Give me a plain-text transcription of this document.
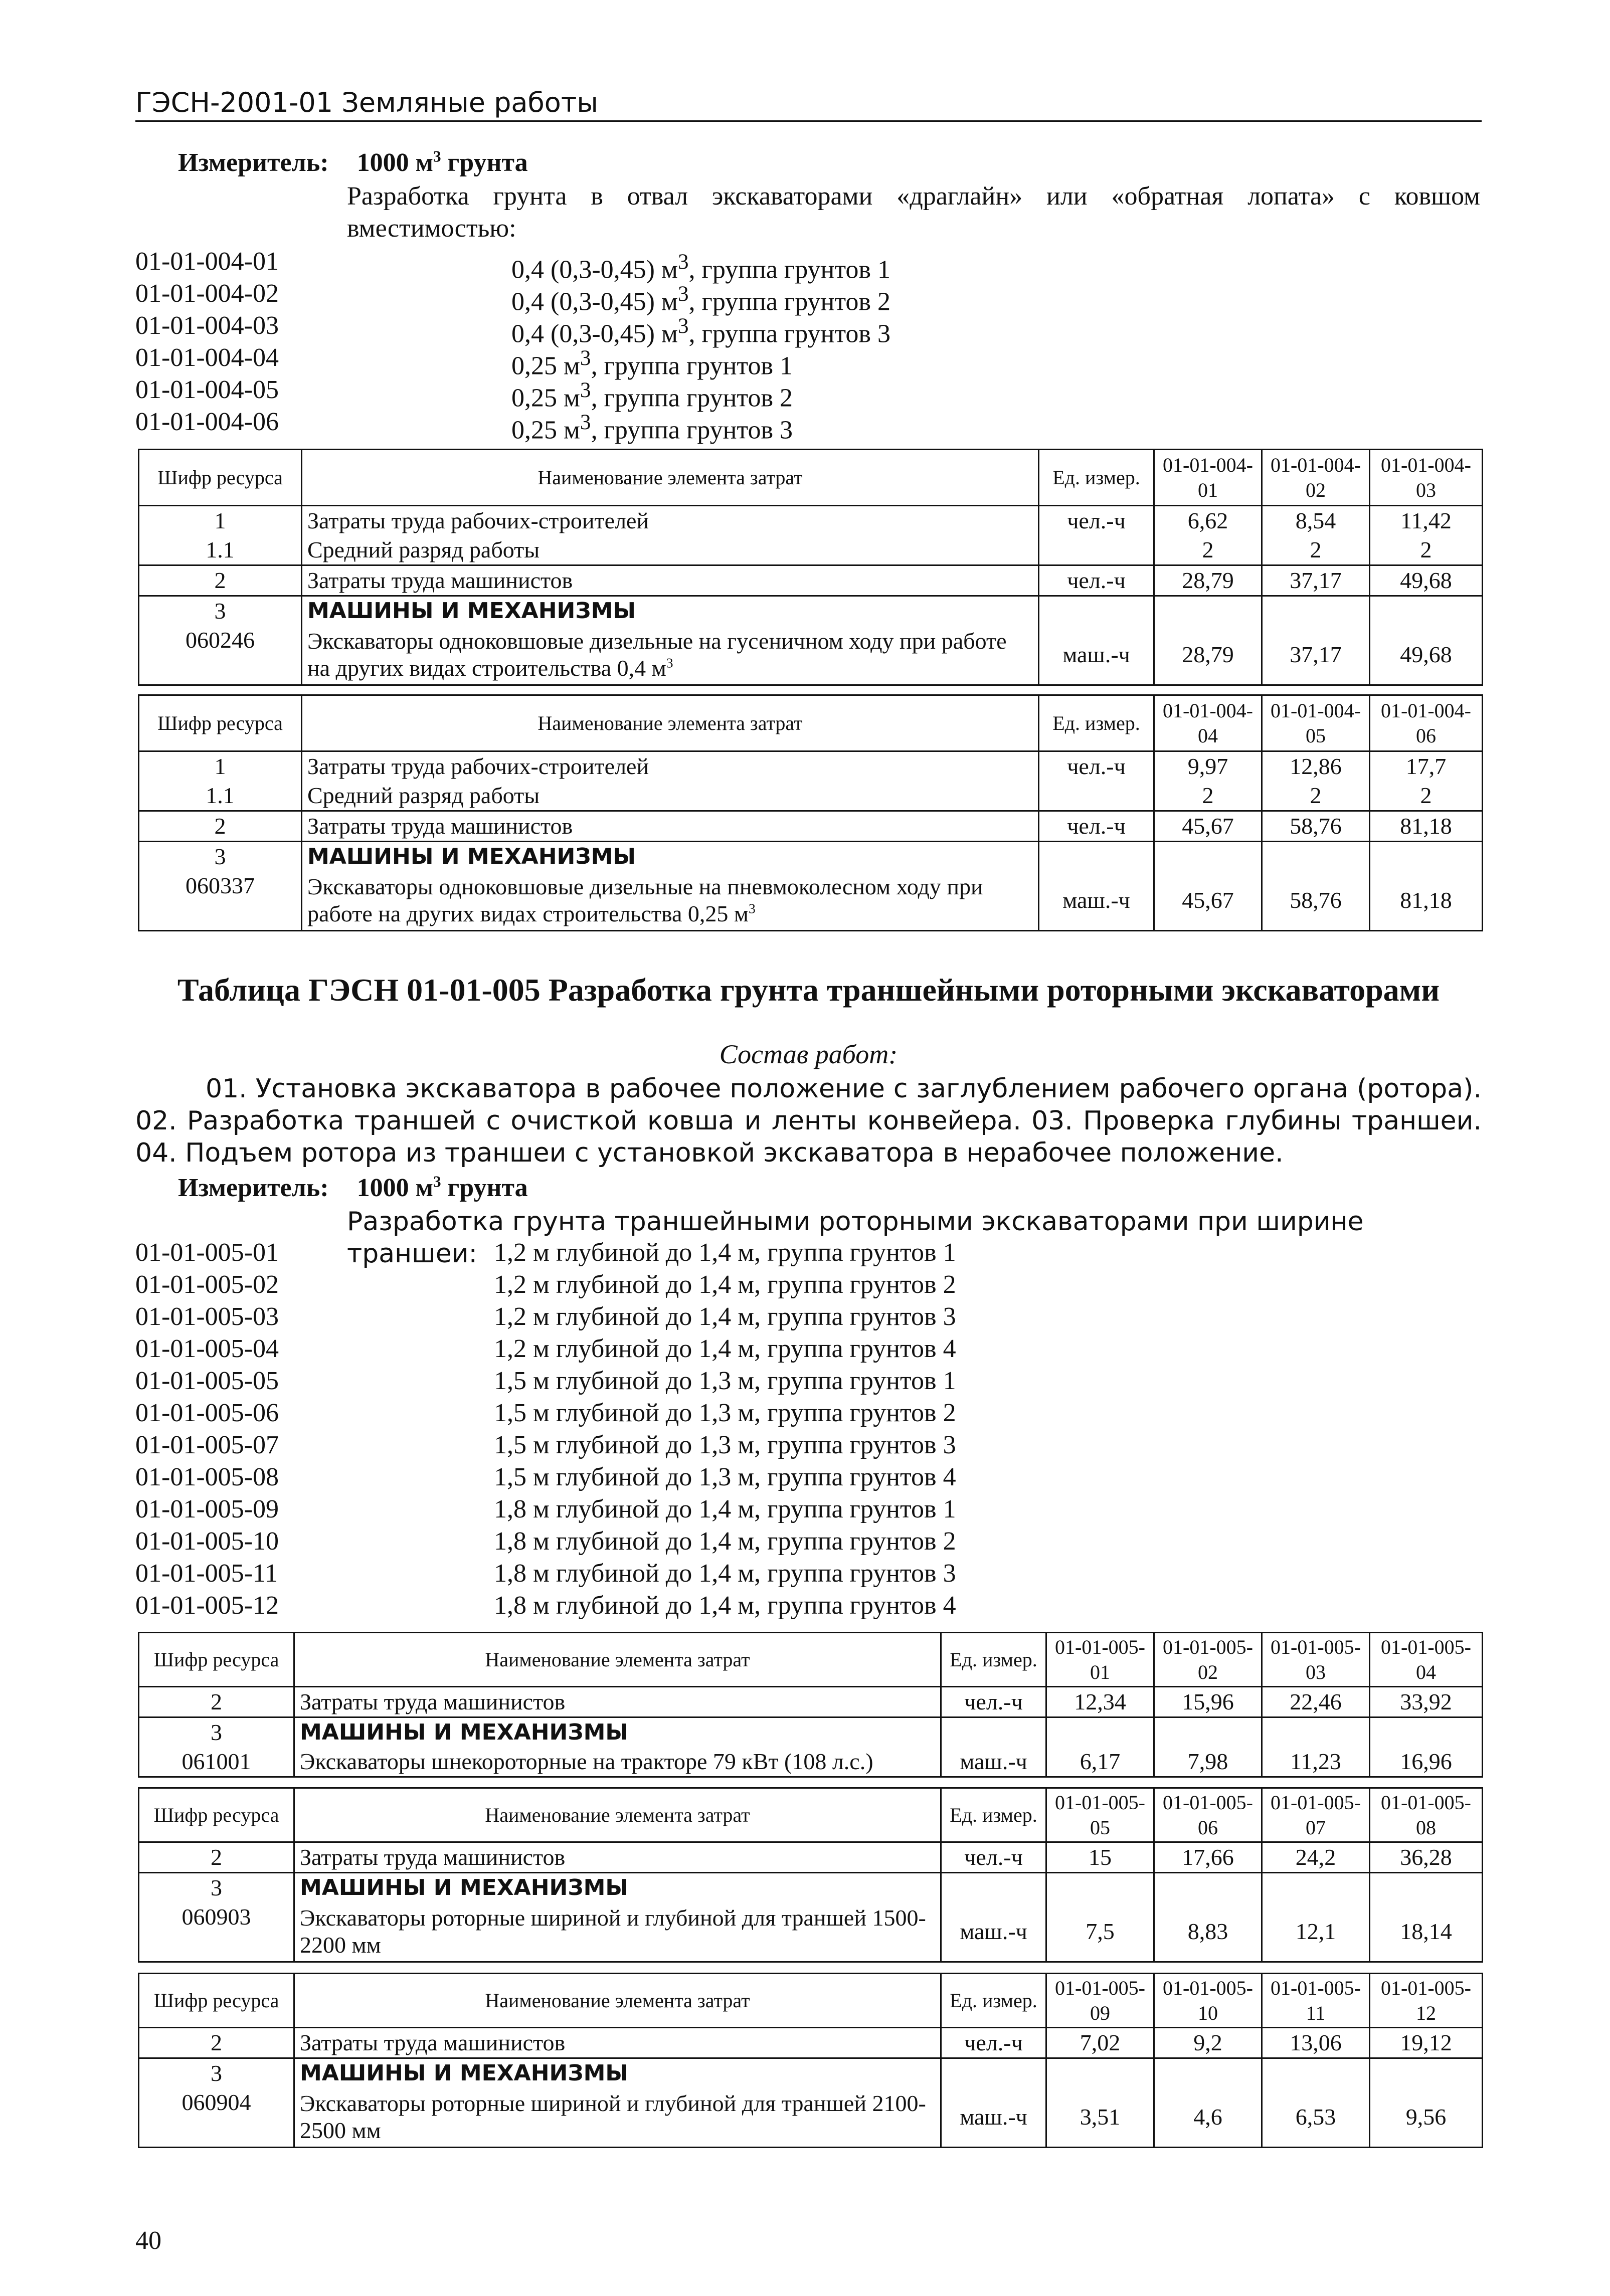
ГЭСН-2001-01 Земляные работы
Измеритель: 1000 $м^3$ грунта
Разработка грунта в отвал экскаваторами «драглайн» или «обратная лопата» с ковшом вместимостью:
01-01-004-01	0,4 (0,3-0,45) $м^3$, группа грунтов 1
01-01-004-02	0,4 (0,3-0,45) $м^3$, группа грунтов 2
01-01-004-03	0,4 (0,3-0,45) $м^3$, группа грунтов 3
01-01-004-04	0,25 $м^3$, группа грунтов 1
01-01-004-05	0,25 $м^3$, группа грунтов 2
01-01-004-06	0,25 $м^3$, группа грунтов 3
Шифр ресурса	Наименование элемента затрат	Ед. измер.	01-01-004-01	01-01-004-02	01-01-004-03
1	Затраты труда рабочих-строителей	чел.-ч	6,62	8,54	11,42
1.1	Средний разряд работы		2	2	2
2	Затраты труда машинистов	чел.-ч	28,79	37,17	49,68
3	МАШИНЫ И МЕХАНИЗМЫ				
060246	Экскаваторы одноковшовые дизельные на гусеничном ходу при работе на других видах строительства 0,4 $м^3$	маш.-ч	28,79	37,17	49,68
Шифр ресурса	Наименование элемента затрат	Ед. измер.	01-01-004-04	01-01-004-05	01-01-004-06
1	Затраты труда рабочих-строителей	чел.-ч	9,97	12,86	17,7
1.1	Средний разряд работы		2	2	2
2	Затраты труда машинистов	чел.-ч	45,67	58,76	81,18
3	МАШИНЫ И МЕХАНИЗМЫ				
060337	Экскаваторы одноковшовые дизельные на пневмоколесном ходу при работе на других видах строительства 0,25 $м^3$	маш.-ч	45,67	58,76	81,18
Таблица ГЭСН 01-01-005 Разработка грунта траншейными роторными экскаваторами
Состав работ:
01. Установка экскаватора в рабочее положение с заглублением рабочего органа (ротора). 02. Разработка траншей с очисткой ковша и ленты конвейера. 03. Проверка глубины траншеи. 04. Подъем ротора из траншеи с установкой экскаватора в нерабочее положение.
Измеритель: 1000 $м^3$ грунта
Разработка грунта траншейными роторными экскаваторами при ширине траншеи:
01-01-005-01	1,2 м глубиной до 1,4 м, группа грунтов 1
01-01-005-02	1,2 м глубиной до 1,4 м, группа грунтов 2
01-01-005-03	1,2 м глубиной до 1,4 м, группа грунтов 3
01-01-005-04	1,2 м глубиной до 1,4 м, группа грунтов 4
01-01-005-05	1,5 м глубиной до 1,3 м, группа грунтов 1
01-01-005-06	1,5 м глубиной до 1,3 м, группа грунтов 2
01-01-005-07	1,5 м глубиной до 1,3 м, группа грунтов 3
01-01-005-08	1,5 м глубиной до 1,3 м, группа грунтов 4
01-01-005-09	1,8 м глубиной до 1,4 м, группа грунтов 1
01-01-005-10	1,8 м глубиной до 1,4 м, группа грунтов 2
01-01-005-11	1,8 м глубиной до 1,4 м, группа грунтов 3
01-01-005-12	1,8 м глубиной до 1,4 м, группа грунтов 4
Шифр ресурса	Наименование элемента затрат	Ед. измер.	01-01-005-01	01-01-005-02	01-01-005-03	01-01-005-04
2	Затраты труда машинистов	чел.-ч	12,34	15,96	22,46	33,92
3	МАШИНЫ И МЕХАНИЗМЫ					
061001	Экскаваторы шнекороторные на тракторе 79 кВт (108 л.с.)	маш.-ч	6,17	7,98	11,23	16,96
Шифр ресурса	Наименование элемента затрат	Ед. измер.	01-01-005-05	01-01-005-06	01-01-005-07	01-01-005-08
2	Затраты труда машинистов	чел.-ч	15	17,66	24,2	36,28
3	МАШИНЫ И МЕХАНИЗМЫ					
060903	Экскаваторы роторные шириной и глубиной для траншей 1500-2200 мм	маш.-ч	7,5	8,83	12,1	18,14
Шифр ресурса	Наименование элемента затрат	Ед. измер.	01-01-005-09	01-01-005-10	01-01-005-11	01-01-005-12
2	Затраты труда машинистов	чел.-ч	7,02	9,2	13,06	19,12
3	МАШИНЫ И МЕХАНИЗМЫ					
060904	Экскаваторы роторные шириной и глубиной для траншей 2100-2500 мм	маш.-ч	3,51	4,6	6,53	9,56
40
